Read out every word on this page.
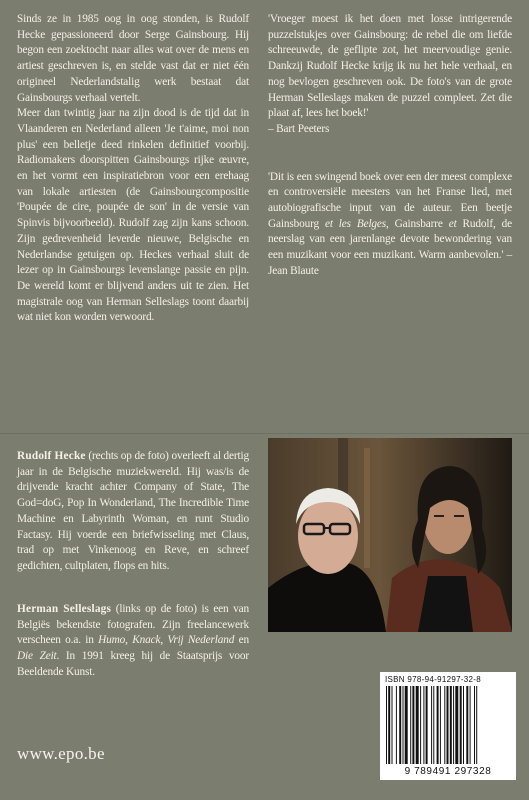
Sinds ze in 1985 oog in oog stonden, is Rudolf Hecke gepassioneerd door Serge Gainsbourg. Hij begon een zoektocht naar alles wat over de mens en artiest geschreven is, en stelde vast dat er niet één origineel Nederlandstalig werk bestaat dat Gainsbourgs verhaal vertelt.

Meer dan twintig jaar na zijn dood is de tijd dat in Vlaanderen en Nederland alleen 'Je t'aime, moi non plus' een belletje deed rinkelen definitief voorbij. Radiomakers doorspitten Gainsbourgs rijke œuvre, en het vormt een inspiratiebron voor een erehaag van lokale artiesten (de Gainsbourgcompositie 'Poupée de cire, poupée de son' in de versie van Spinvis bijvoorbeeld). Rudolf zag zijn kans schoon. Zijn gedrevenheid leverde nieuwe, Belgische en Nederlandse getuigen op. Heckes verhaal sluit de lezer op in Gainsbourgs levenslange passie en pijn. De wereld komt er blijvend anders uit te zien. Het magistrale oog van Herman Selleslags toont daarbij wat niet kon worden verwoord.

'Vroeger moest ik het doen met losse intrigerende puzzelstukjes over Gainsbourg: de rebel die om liefde schreeuwde, de geflipte zot, het meervoudige genie. Dankzij Rudolf Hecke krijg ik nu het hele verhaal, en nog bevlogen geschreven ook. De foto's van de grote Herman Selleslags maken de puzzel compleet. Zet die plaat af, lees het boek!'
– Bart Peeters

'Dit is een swingend boek over een der meest complexe en controversiële meesters van het Franse lied, met autobiografische input van de auteur. Een beetje Gainsbourg et les Belges, Gainsbarre et Rudolf, de neerslag van een jarenlange devote bewondering van een muzikant voor een muzikant. Warm aanbevolen.' – Jean Blaute

Rudolf Hecke (rechts op de foto) overleeft al dertig jaar in de Belgische muziekwereld. Hij was/is de drijvende kracht achter Company of State, The God=doG, Pop In Wonderland, The Incredible Time Machine en Labyrinth Woman, en runt Studio Factasy. Hij voerde een briefwisseling met Claus, trad op met Vinkenoog en Reve, en schreef gedichten, cultplaten, flops en hits.

Herman Selleslags (links op de foto) is een van Belgiës bekendste fotografen. Zijn freelancewerk verscheen o.a. in Humo, Knack, Vrij Nederland en Die Zeit. In 1991 kreeg hij de Staatsprijs voor Beeldende Kunst.

www.epo.be
ISBN 978-94-91297-32-8
9 789491 297328
